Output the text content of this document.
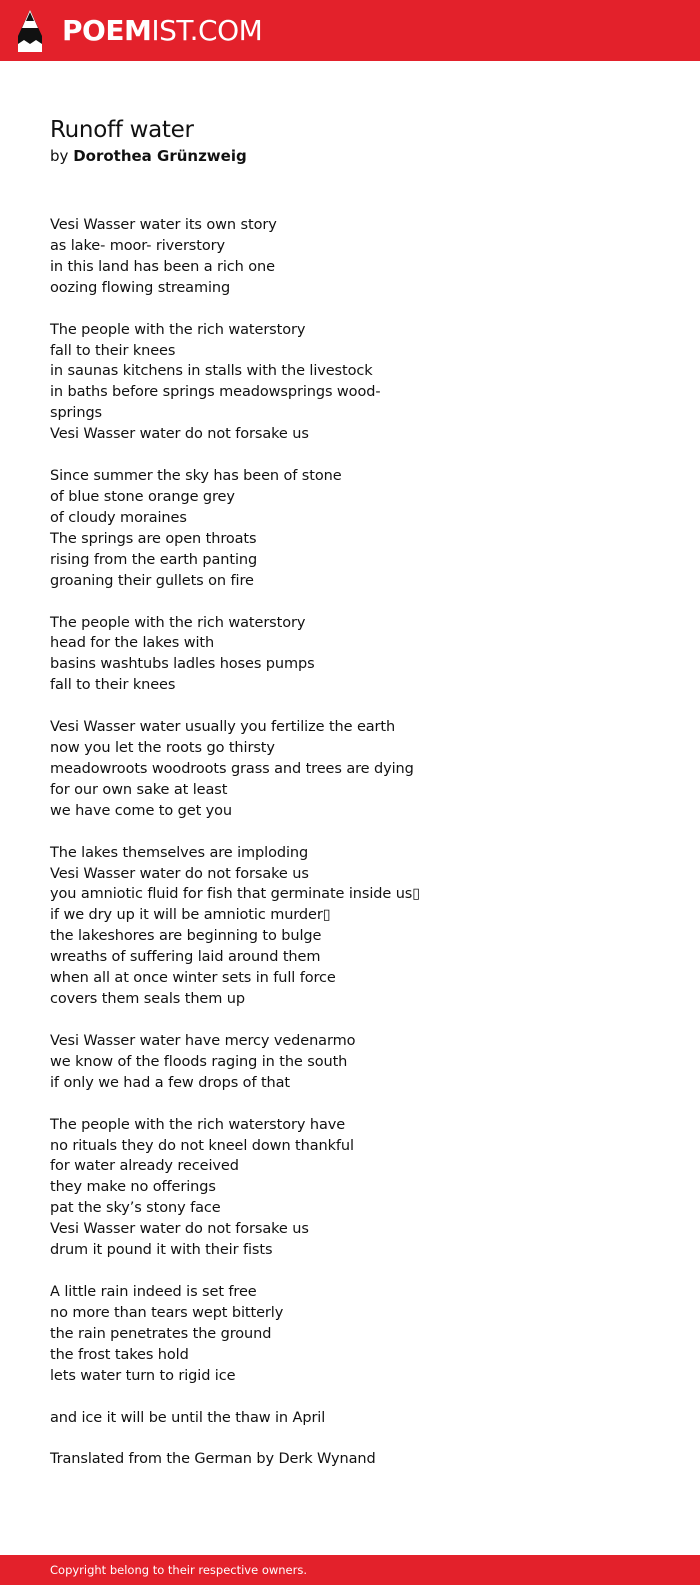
POEMIST.COM
Runoff water
by Dorothea Grünzweig
Vesi Wasser water its own story
as lake- moor- riverstory
in this land has been a rich one
oozing flowing streaming
The people with the rich waterstory
fall to their knees
in saunas kitchens in stalls with the livestock
in baths before springs meadowsprings wood-
springs
Vesi Wasser water do not forsake us
Since summer the sky has been of stone
of blue stone orange grey
of cloudy moraines
The springs are open throats
rising from the earth panting
groaning their gullets on fire
The people with the rich waterstory
head for the lakes with
basins washtubs ladles hoses pumps
fall to their knees
Vesi Wasser water usually you fertilize the earth
now you let the roots go thirsty
meadowroots woodroots grass and trees are dying
for our own sake at least
we have come to get you
The lakes themselves are imploding
Vesi Wasser water do not forsake us
you amniotic fluid for fish that germinate inside us▯
if we dry up it will be amniotic murder▯
the lakeshores are beginning to bulge
wreaths of suffering laid around them
when all at once winter sets in full force
covers them seals them up
Vesi Wasser water have mercy vedenarmo
we know of the floods raging in the south
if only we had a few drops of that
The people with the rich waterstory have
no rituals they do not kneel down thankful
for water already received
they make no offerings
pat the sky’s stony face
Vesi Wasser water do not forsake us
drum it pound it with their fists
A little rain indeed is set free
no more than tears wept bitterly
the rain penetrates the ground
the frost takes hold
lets water turn to rigid ice
and ice it will be until the thaw in April
Translated from the German by Derk Wynand
Copyright belong to their respective owners.
